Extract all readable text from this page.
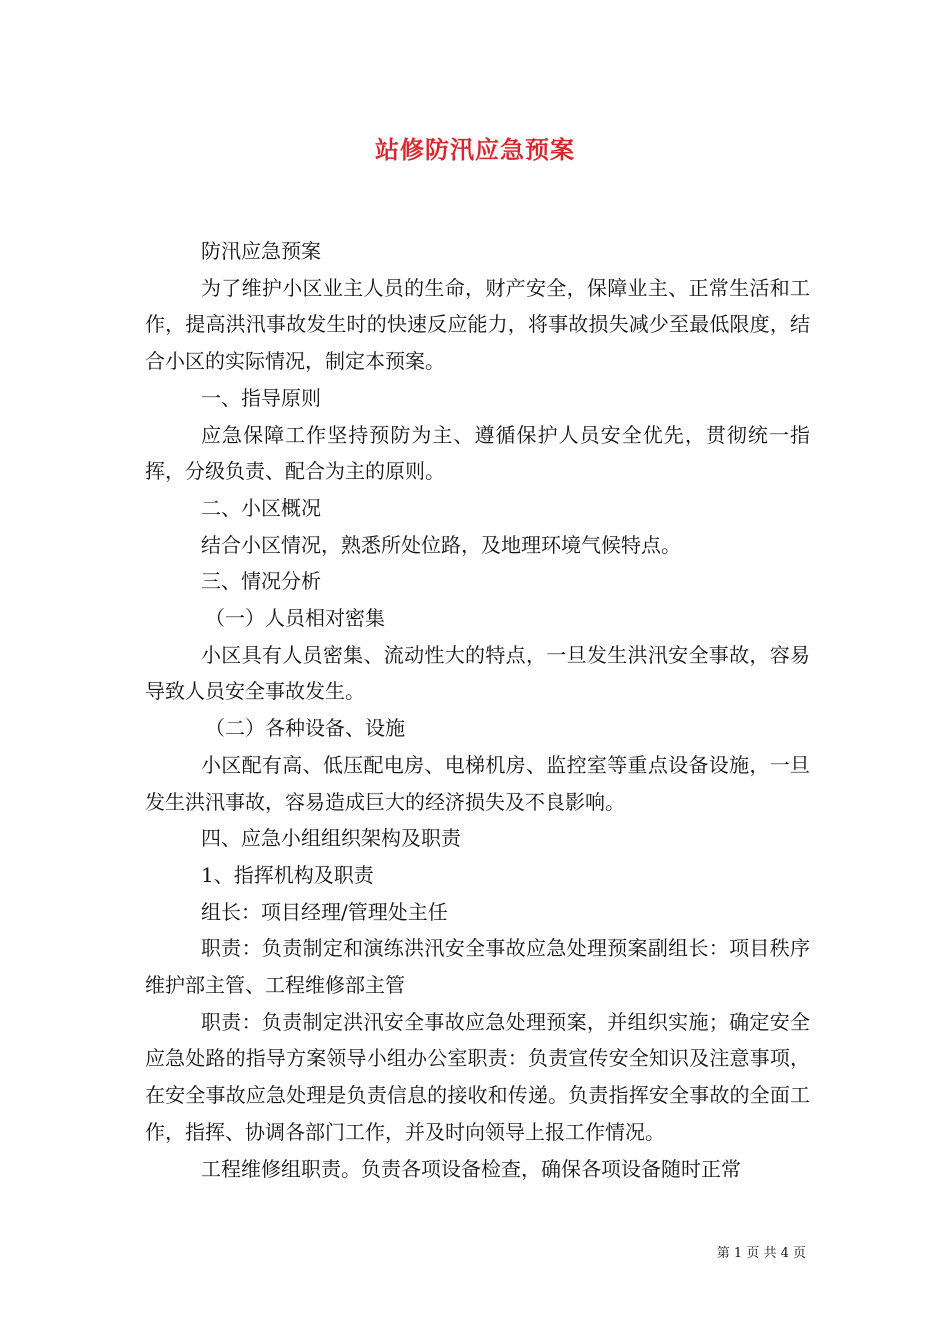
站修防汛应急预案

防汛应急预案

为了维护小区业主人员的生命，财产安全，保障业主、正常生活和工作，提高洪汛事故发生时的快速反应能力，将事故损失减少至最低限度，结合小区的实际情况，制定本预案。

一、指导原则

应急保障工作坚持预防为主、遵循保护人员安全优先，贯彻统一指挥，分级负责、配合为主的原则。

二、小区概况

结合小区情况，熟悉所处位路，及地理环境气候特点。

三、情况分析

（一）人员相对密集

小区具有人员密集、流动性大的特点，一旦发生洪汛安全事故，容易导致人员安全事故发生。

（二）各种设备、设施

小区配有高、低压配电房、电梯机房、监控室等重点设备设施，一旦发生洪汛事故，容易造成巨大的经济损失及不良影响。

四、应急小组组织架构及职责

1、指挥机构及职责

组长：项目经理/管理处主任

职责：负责制定和演练洪汛安全事故应急处理预案副组长：项目秩序维护部主管、工程维修部主管

职责：负责制定洪汛安全事故应急处理预案，并组织实施；确定安全应急处路的指导方案领导小组办公室职责：负责宣传安全知识及注意事项，在安全事故应急处理是负责信息的接收和传递。负责指挥安全事故的全面工作，指挥、协调各部门工作，并及时向领导上报工作情况。

工程维修组职责。负责各项设备检查，确保各项设备随时正常

第 1 页 共 4 页
